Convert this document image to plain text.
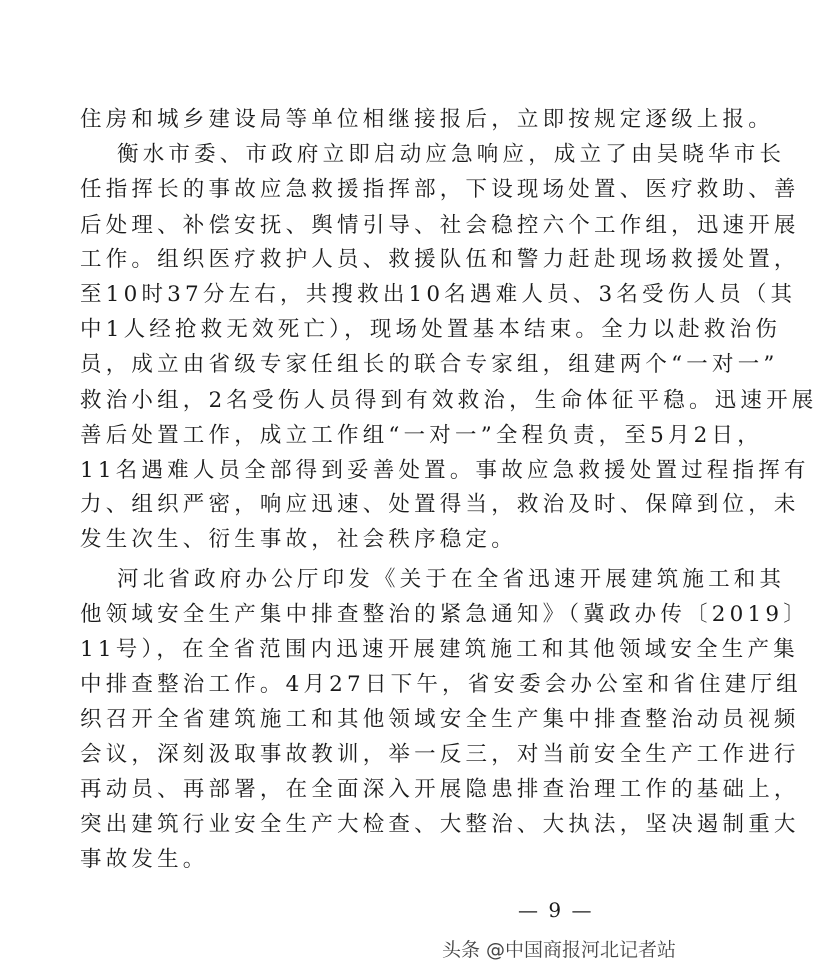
住房和城乡建设局等单位相继接报后，立即按规定逐级上报。

衡水市委、市政府立即启动应急响应，成立了由吴晓华市长

任指挥长的事故应急救援指挥部，下设现场处置、医疗救助、善

后处理、补偿安抚、舆情引导、社会稳控六个工作组，迅速开展

工作。组织医疗救护人员、救援队伍和警力赶赴现场救援处置，

至10时37分左右，共搜救出10名遇难人员、3名受伤人员（其

中1人经抢救无效死亡），现场处置基本结束。全力以赴救治伤

员，成立由省级专家任组长的联合专家组，组建两个“一对一”

救治小组，2名受伤人员得到有效救治，生命体征平稳。迅速开展

善后处置工作，成立工作组“一对一”全程负责，至5月2日，

11名遇难人员全部得到妥善处置。事故应急救援处置过程指挥有

力、组织严密，响应迅速、处置得当，救治及时、保障到位，未

发生次生、衍生事故，社会秩序稳定。

河北省政府办公厅印发《关于在全省迅速开展建筑施工和其

他领域安全生产集中排查整治的紧急通知》（冀政办传〔2019〕

11号），在全省范围内迅速开展建筑施工和其他领域安全生产集

中排查整治工作。4月27日下午，省安委会办公室和省住建厅组

织召开全省建筑施工和其他领域安全生产集中排查整治动员视频

会议，深刻汲取事故教训，举一反三，对当前安全生产工作进行

再动员、再部署，在全面深入开展隐患排查治理工作的基础上，

突出建筑行业安全生产大检查、大整治、大执法，坚决遏制重大

事故发生。

— 9 —
头条 @中国商报河北记者站
